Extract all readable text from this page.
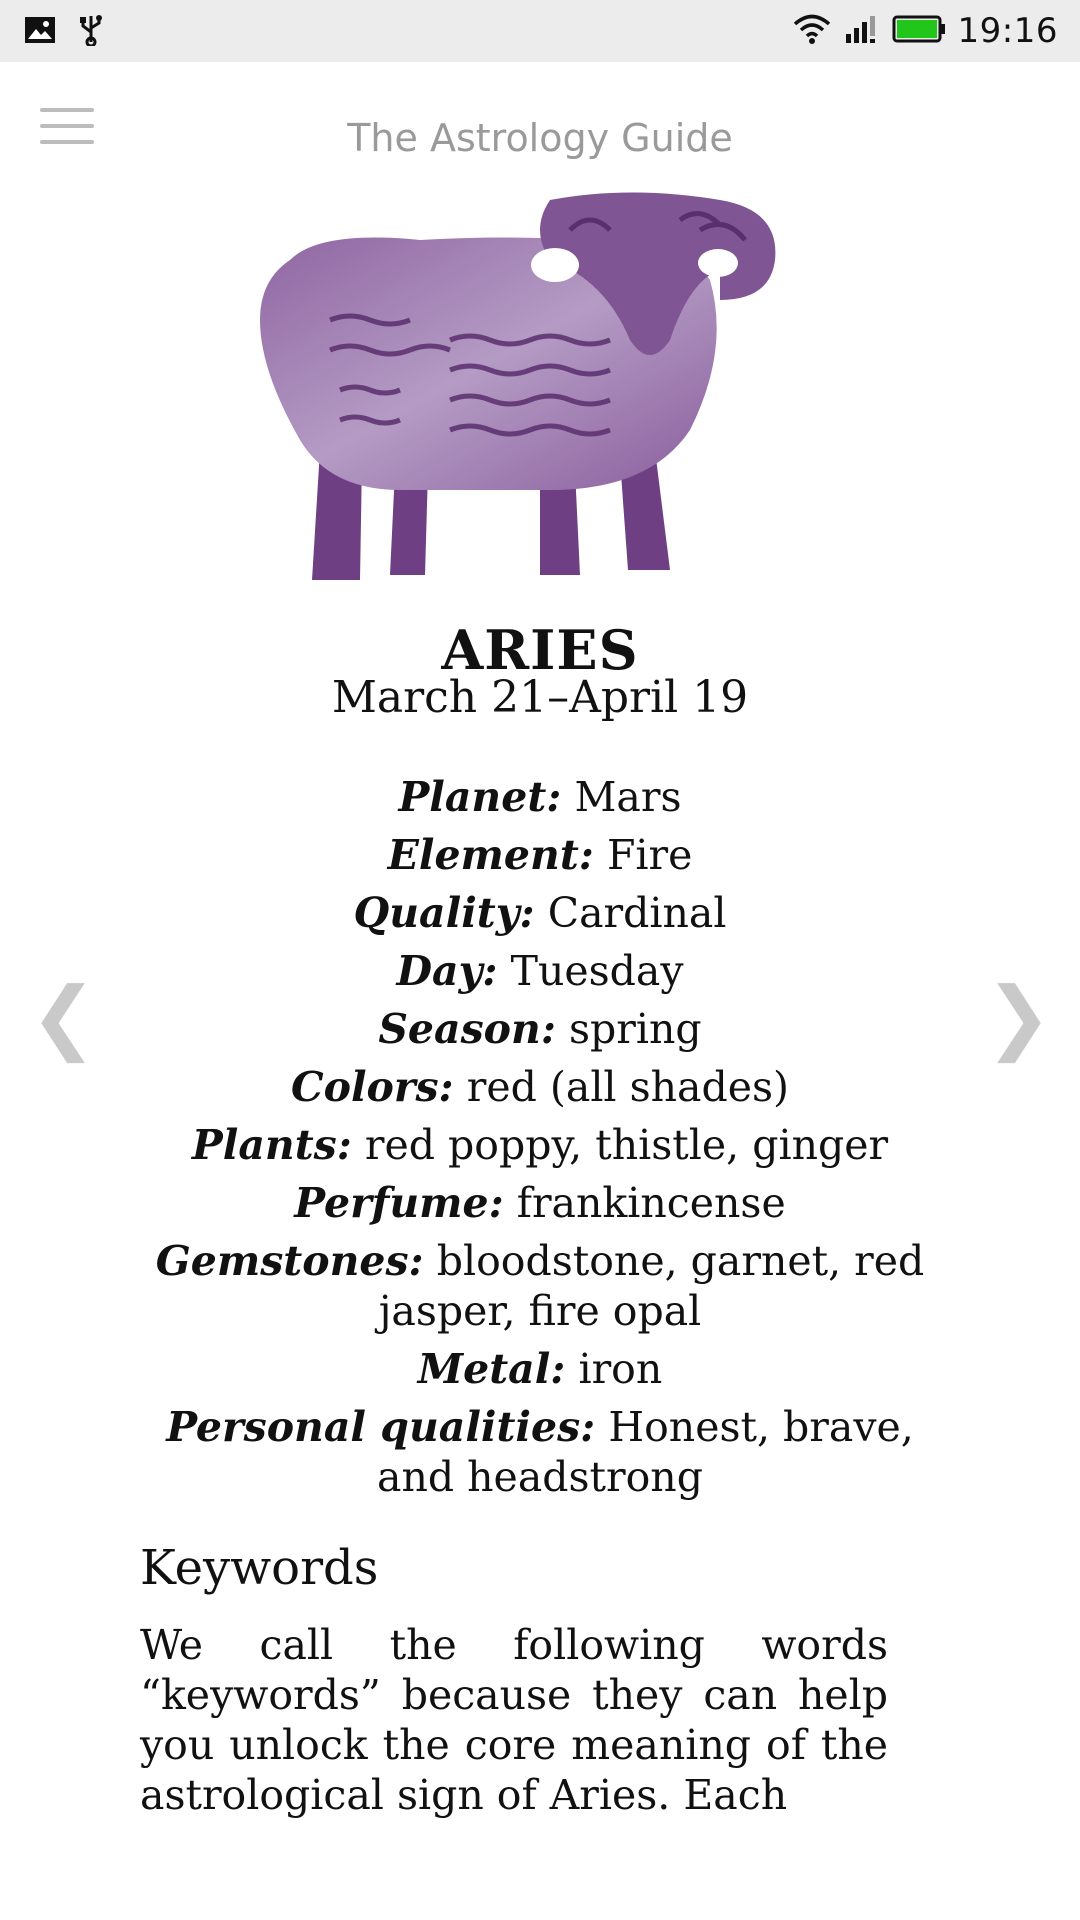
19:16
The Astrology Guide
ARIES
March 21–April 19
Planet: Mars
Element: Fire
Quality: Cardinal
Day: Tuesday
Season: spring
Colors: red (all shades)
Plants: red poppy, thistle, ginger
Perfume: frankincense
Gemstones: bloodstone, garnet, red jasper, fire opal
Metal: iron
Personal qualities: Honest, brave, and headstrong
❮	❯
Keywords
We call the following words “keywords” because they can help you unlock the core meaning of the astrological sign of Aries. Each
